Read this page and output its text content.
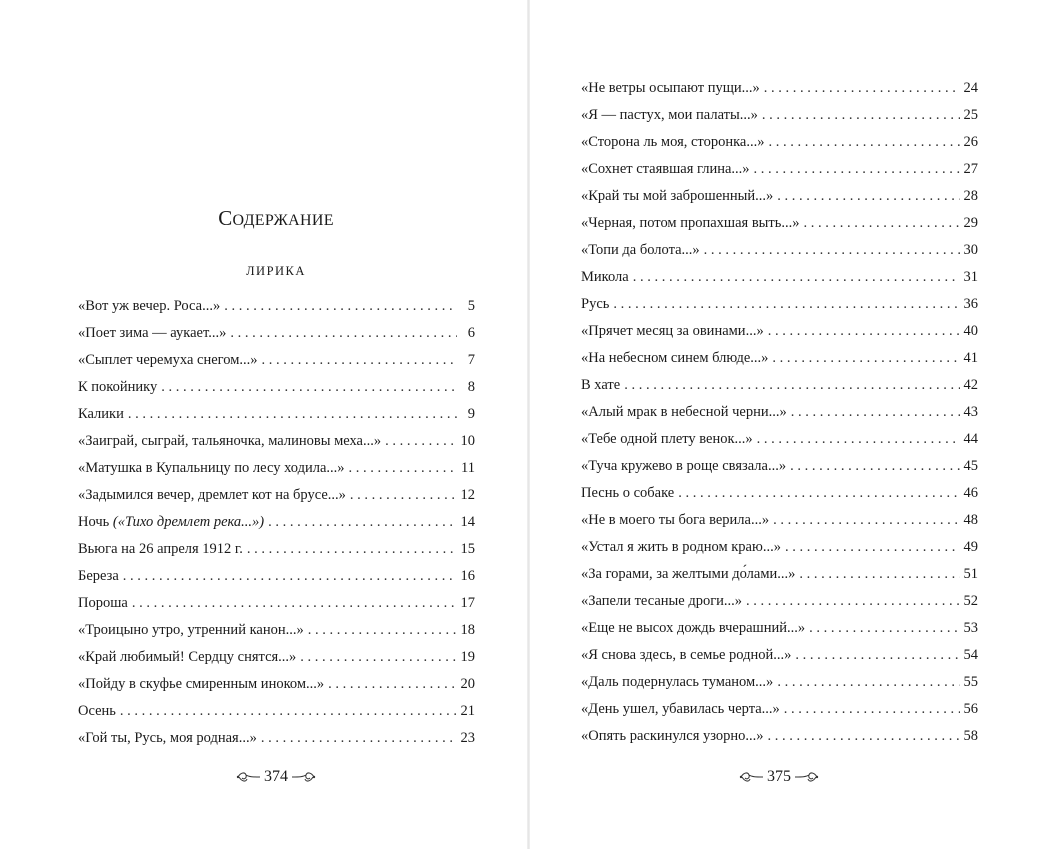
СОДЕРЖАНИЕ
ЛИРИКА
«Вот уж вечер. Роса...» . . .	5
«Поет зима — аукает...» . . .	6
«Сыплет черемуха снегом...» . . .	7
К покойнику . . .	8
Калики . . .	9
«Заиграй, сыграй, тальяночка, малиновы меха...» . . .	10
«Матушка в Купальницу по лесу ходила...» . . .	11
«Задымился вечер, дремлет кот на брусе...» . . .	12
Ночь («Тихо дремлет река...») . . .	14
Вьюга на 26 апреля 1912 г. . . .	15
Береза . . .	16
Пороша . . .	17
«Троицыно утро, утренний канон...» . . .	18
«Край любимый! Сердцу снятся...» . . .	19
«Пойду в скуфье смиренным иноком...» . . .	20
Осень . . .	21
«Гой ты, Русь, моя родная...» . . .	23
374
«Не ветры осыпают пущи...» . . .	24
«Я — пастух, мои палаты...» . . .	25
«Сторона ль моя, сторонка...» . . .	26
«Сохнет стаявшая глина...» . . .	27
«Край ты мой заброшенный...» . . .	28
«Черная, потом пропахшая выть...» . . .	29
«Топи да болота...» . . .	30
Микола . . .	31
Русь . . .	36
«Прячет месяц за овинами...» . . .	40
«На небесном синем блюде...» . . .	41
В хате . . .	42
«Алый мрак в небесной черни...» . . .	43
«Тебе одной плету венок...» . . .	44
«Туча кружево в роще связала...» . . .	45
Песнь о собаке . . .	46
«Не в моего ты бога верила...» . . .	48
«Устал я жить в родном краю...» . . .	49
«За горами, за желтыми до́лами...» . . .	51
«Запели тесаные дроги...» . . .	52
«Еще не высох дождь вчерашний...» . . .	53
«Я снова здесь, в семье родной...» . . .	54
«Даль подернулась туманом...» . . .	55
«День ушел, убавилась черта...» . . .	56
«Опять раскинулся узорно...» . . .	58
375
